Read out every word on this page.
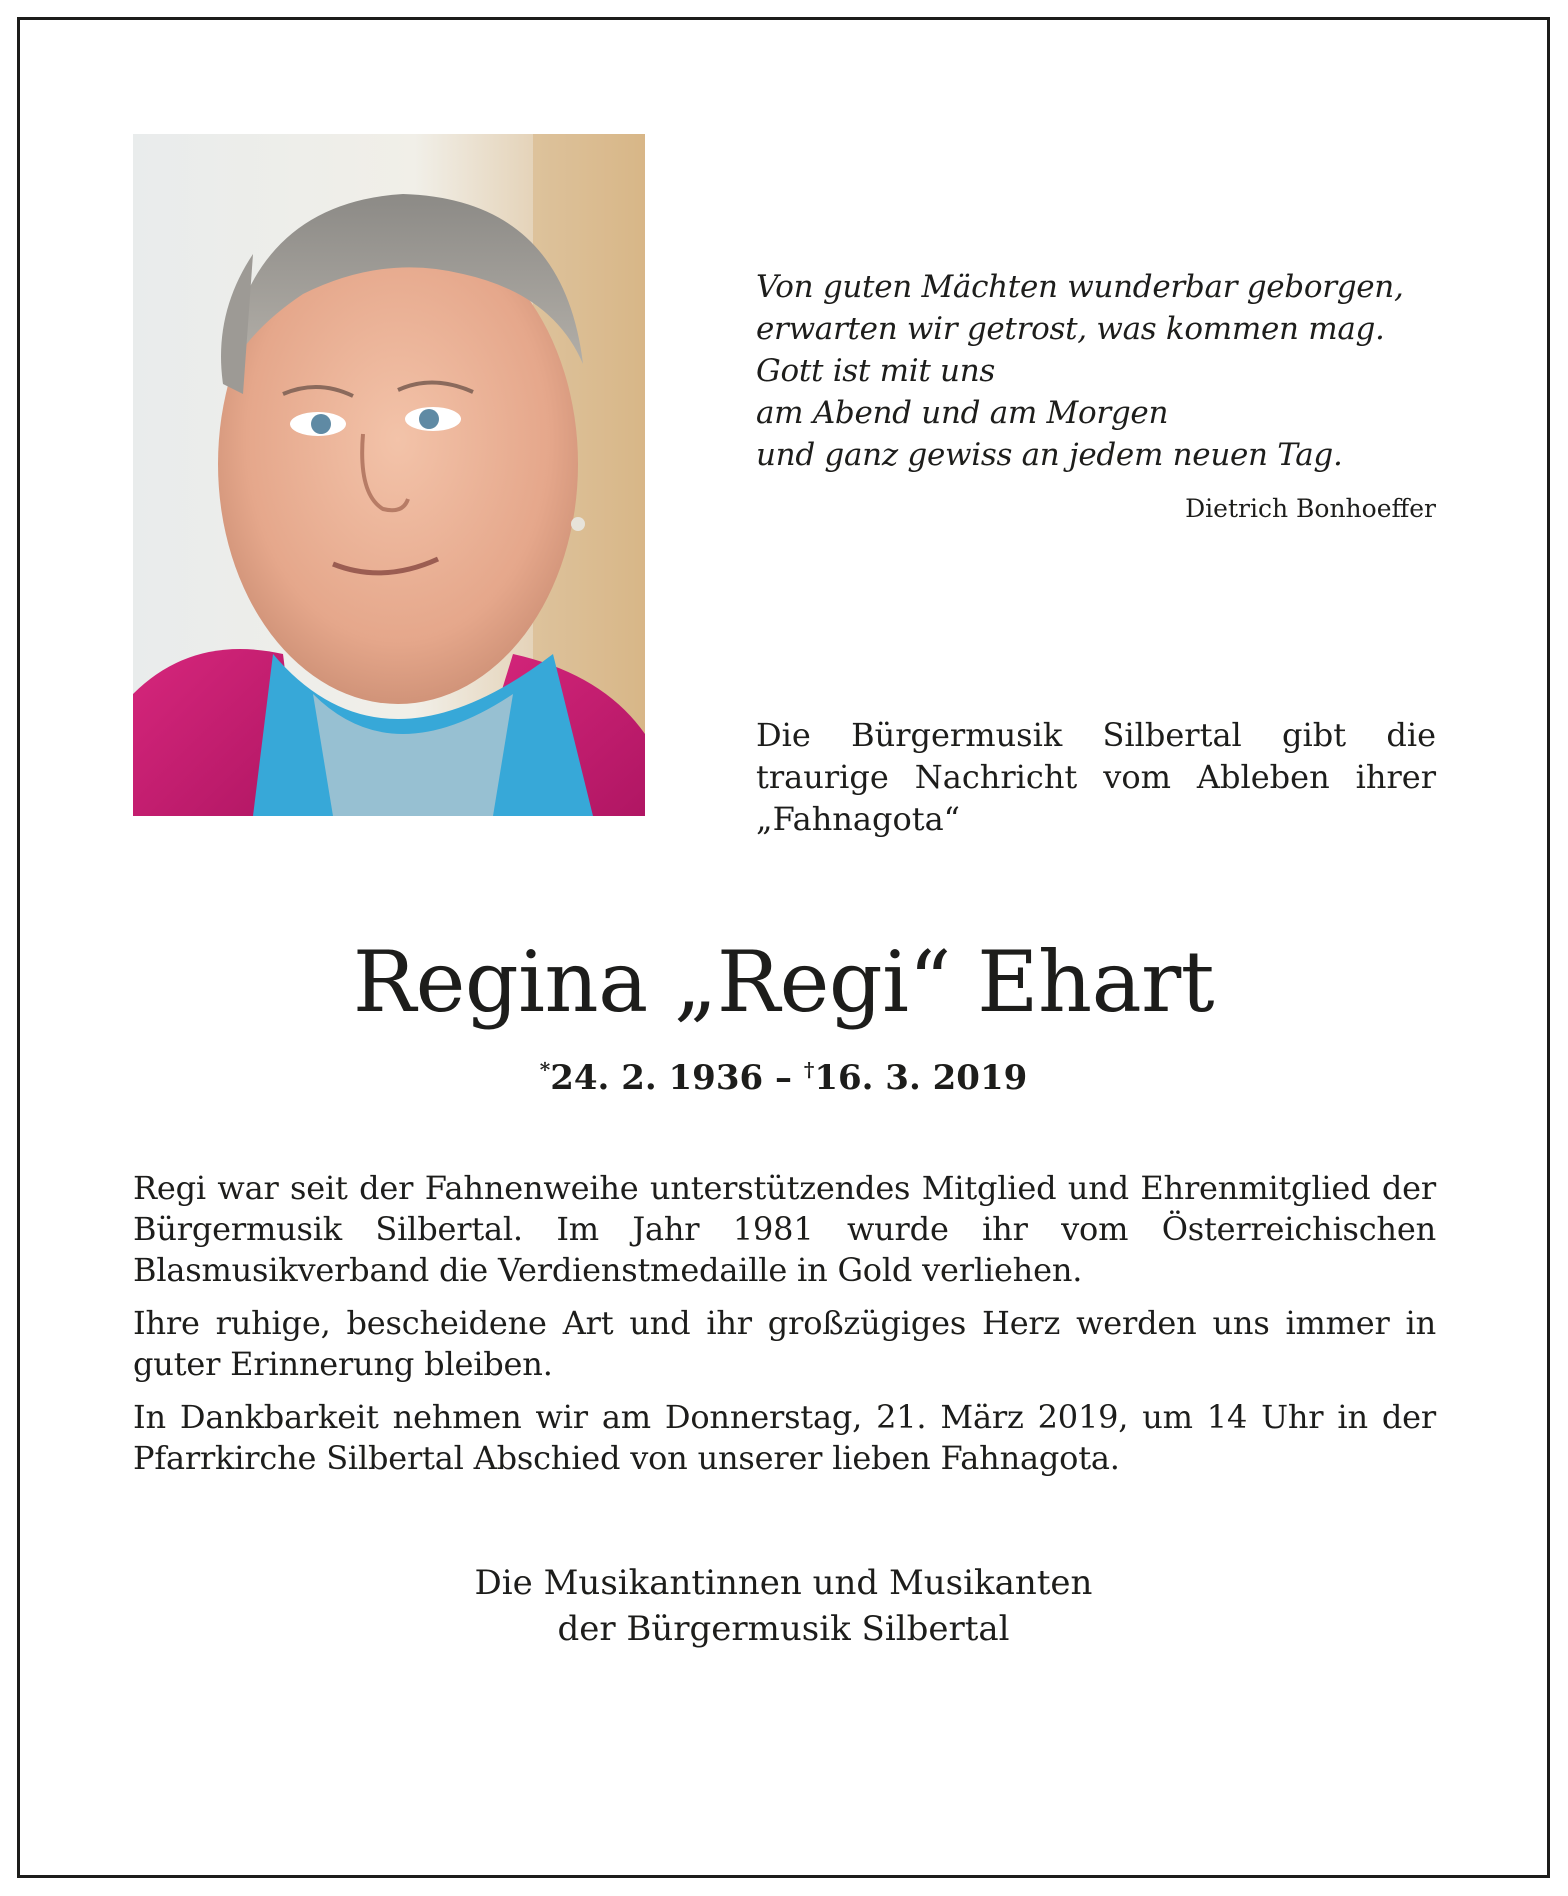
Von guten Mächten wunderbar geborgen,
erwarten wir getrost, was kommen mag.
Gott ist mit uns
am Abend und am Morgen
und ganz gewiss an jedem neuen Tag.
Dietrich Bonhoeffer
Die Bürgermusik Silbertal gibt die
traurige Nachricht vom Ableben ihrer
„Fahnagota“
Regina „Regi“ Ehart
*24. 2. 1936 – †16. 3. 2019

Regi war seit der Fahnenweihe unterstützendes Mitglied und Ehrenmitglied der Bürgermusik Silbertal. Im Jahr 1981 wurde ihr vom Österreichischen Blasmusikverband die Verdienstmedaille in Gold verliehen.

Ihre ruhige, bescheidene Art und ihr großzügiges Herz werden uns immer in guter Erinnerung bleiben.

In Dankbarkeit nehmen wir am Donnerstag, 21. März 2019, um 14 Uhr in der Pfarrkirche Silbertal Abschied von unserer lieben Fahnagota.

Die Musikantinnen und Musikanten
der Bürgermusik Silbertal
